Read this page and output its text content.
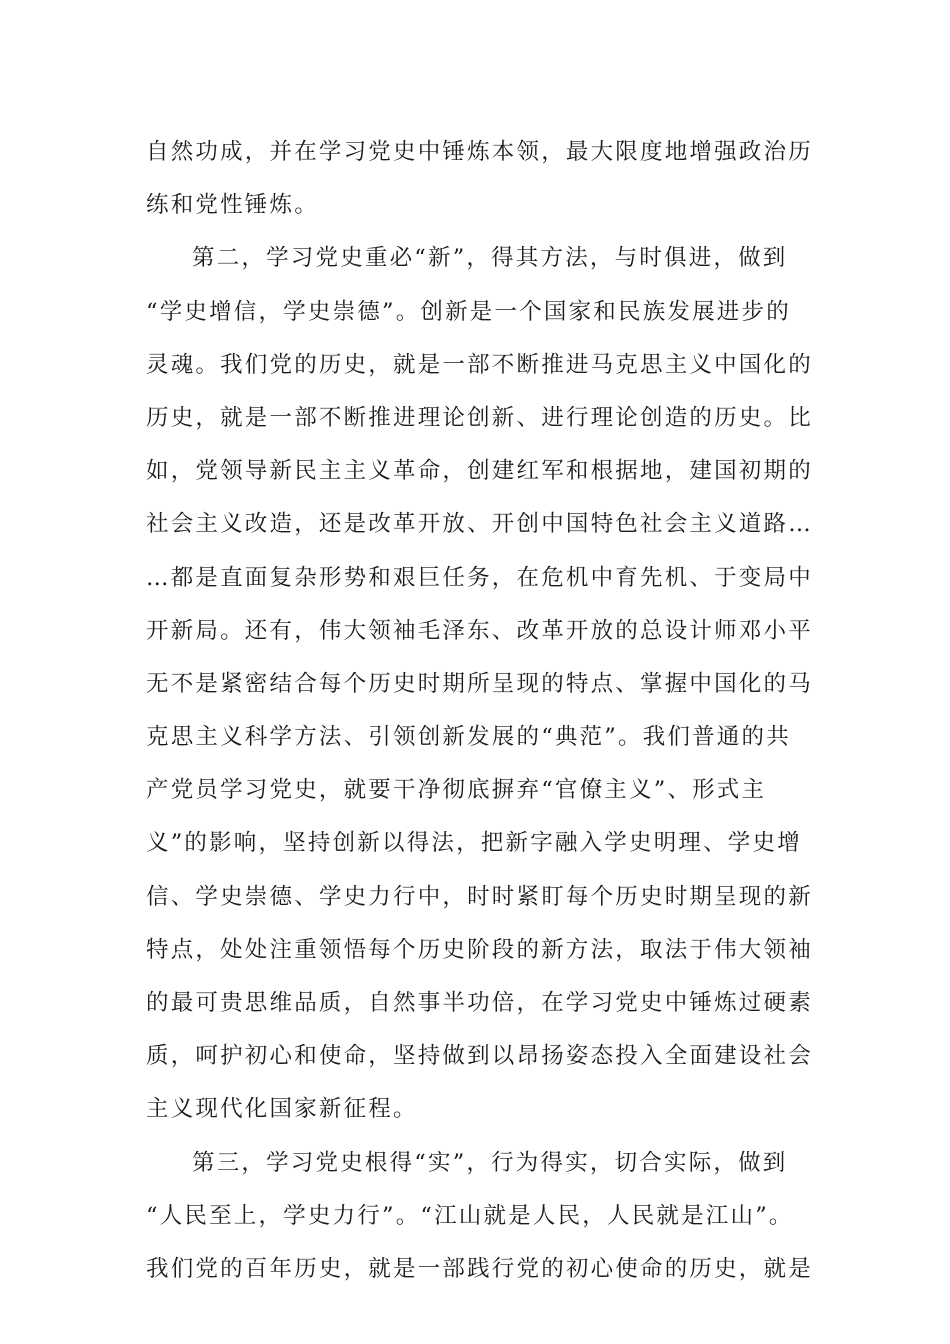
自然功成，并在学习党史中锤炼本领，最大限度地增强政治历
练和党性锤炼。
第二，学习党史重必“新”，得其方法，与时俱进，做到
“学史增信，学史崇德”。创新是一个国家和民族发展进步的
灵魂。我们党的历史，就是一部不断推进马克思主义中国化的
历史，就是一部不断推进理论创新、进行理论创造的历史。比
如，党领导新民主主义革命，创建红军和根据地，建国初期的
社会主义改造，还是改革开放、开创中国特色社会主义道路…
…都是直面复杂形势和艰巨任务，在危机中育先机、于变局中
开新局。还有，伟大领袖毛泽东、改革开放的总设计师邓小平
无不是紧密结合每个历史时期所呈现的特点、掌握中国化的马
克思主义科学方法、引领创新发展的“典范”。我们普通的共
产党员学习党史，就要干净彻底摒弃“官僚主义”、形式主
义”的影响，坚持创新以得法，把新字融入学史明理、学史增
信、学史崇德、学史力行中，时时紧盯每个历史时期呈现的新
特点，处处注重领悟每个历史阶段的新方法，取法于伟大领袖
的最可贵思维品质，自然事半功倍，在学习党史中锤炼过硬素
质，呵护初心和使命，坚持做到以昂扬姿态投入全面建设社会
主义现代化国家新征程。
第三，学习党史根得“实”，行为得实，切合实际，做到
“人民至上，学史力行”。“江山就是人民，人民就是江山”。
我们党的百年历史，就是一部践行党的初心使命的历史，就是
